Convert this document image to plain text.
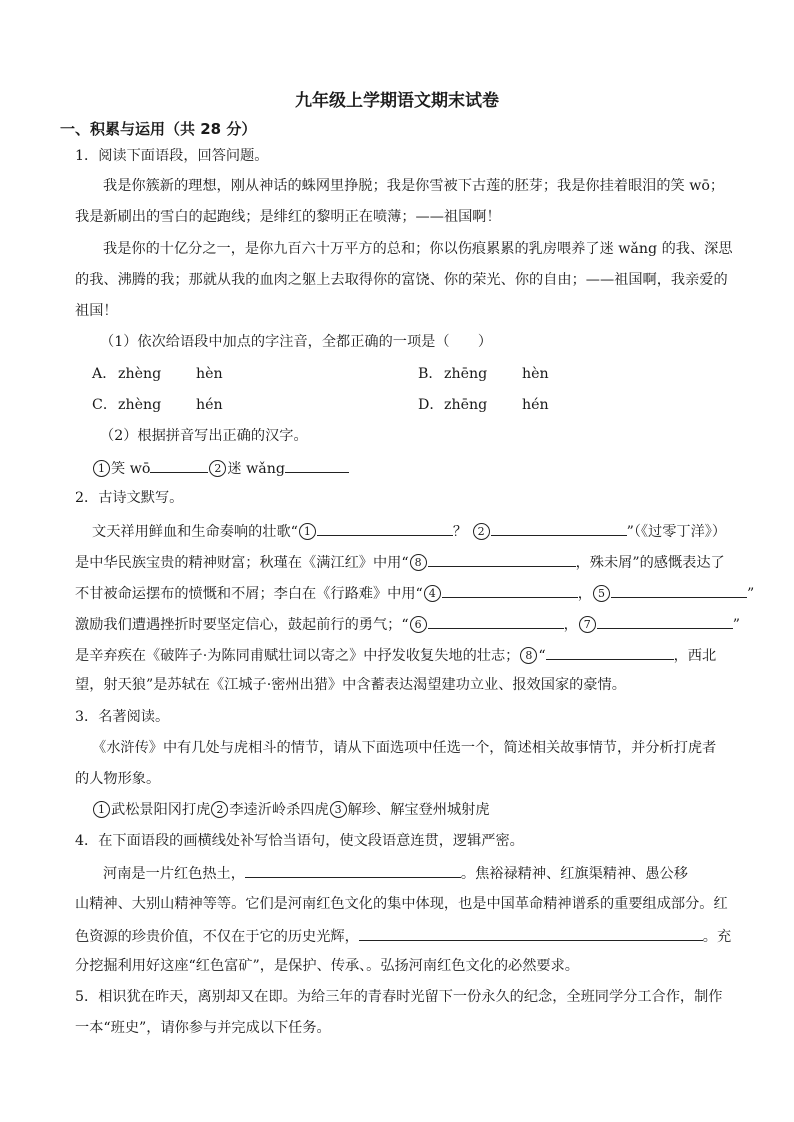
九年级上学期语文期末试卷
一、积累与运用（共 28 分）
1．阅读下面语段，回答问题。
我是你簇新的理想，刚从神话的蛛网里挣脱；我是你雪被下古莲的胚芽；我是你挂着眼泪的笑 wō；
我是新刷出的雪白的起跑线；是绯红的黎明正在喷薄；——祖国啊！
我是你的十亿分之一，是你九百六十万平方的总和；你以伤痕累累的乳房喂养了迷 wǎng 的我、深思
的我、沸腾的我；那就从我的血肉之躯上去取得你的富饶、你的荣光、你的自由；——祖国啊，我亲爱的
祖国！
（1）依次给语段中加点的字注音，全都正确的一项是（　　）
A． zhèng hèn	B．zhēng hèn
C．zhèng hén	D．zhēng hén
（2）根据拼音写出正确的汉字。
1 笑 wō	2 迷 wǎng
2．古诗文默写。
文天祥用鲜血和生命奏响的壮歌“ 1	？ 2	”（《过零丁洋》）
是中华民族宝贵的精神财富；秋瑾在《满江红》中用“ 8	，殊未屑”的感慨表达了
不甘被命运摆布的愤慨和不屑；李白在《行路难》中用“ 4	， 5	”
激励我们遭遇挫折时要坚定信心，鼓起前行的勇气；“ 6	， 7	”
是辛弃疾在《破阵子·为陈同甫赋壮词以寄之》中抒发收复失地的壮志； 8 “	，西北
望，射天狼”是苏轼在《江城子·密州出猎》中含蓄表达渴望建功立业、报效国家的豪情。
3．名著阅读。
《水浒传》中有几处与虎相斗的情节，请从下面选项中任选一个，简述相关故事情节，并分析打虎者
的人物形象。
1 武松景阳冈打虎 2 李逵沂岭杀四虎 3 解珍、解宝登州城射虎
4．在下面语段的画横线处补写恰当语句，使文段语意连贯，逻辑严密。
河南是一片红色热土，	。焦裕禄精神、红旗渠精神、愚公移
山精神、大别山精神等等。它们是河南红色文化的集中体现，也是中国革命精神谱系的重要组成部分。红
色资源的珍贵价值，不仅在于它的历史光辉，	。充
分挖掘利用好这座“红色富矿”，是保护、传承、。弘扬河南红色文化的必然要求。
5．相识犹在昨天，离别却又在即。为给三年的青春时光留下一份永久的纪念，全班同学分工合作，制作
一本“班史”，请你参与并完成以下任务。
